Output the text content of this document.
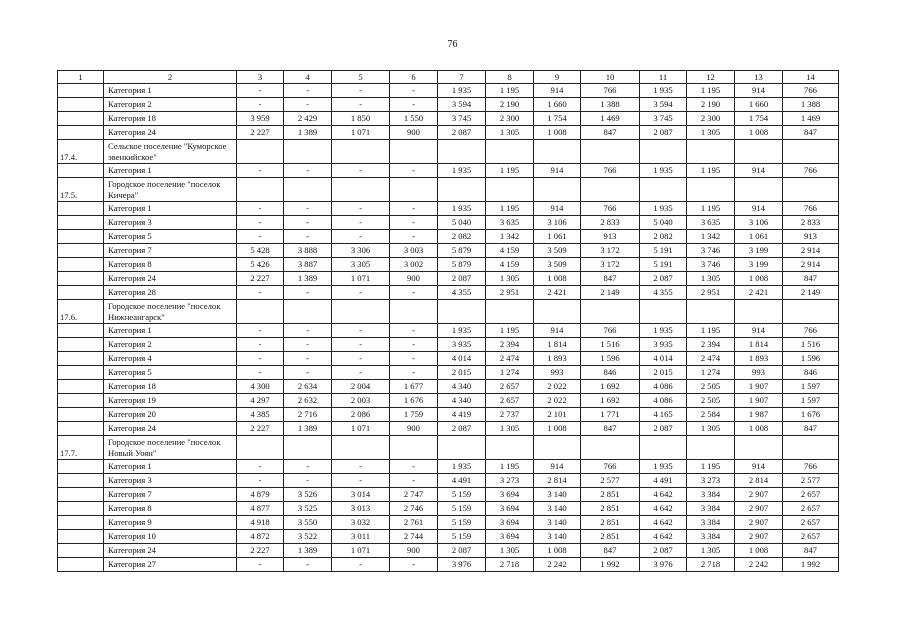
76
1	2	3	4	5	6	7	8	9	10	11	12	13	14
	Категория 1	-	-	-	-	1 935	1 195	914	766	1 935	1 195	914	766
	Категория 2	-	-	-	-	3 594	2 190	1 660	1 388	3 594	2 190	1 660	1 388
	Категория 18	3 959	2 429	1 850	1 550	3 745	2 300	1 754	1 469	3 745	2 300	1 754	1 469
	Категория 24	2 227	1 389	1 071	900	2 087	1 305	1 008	847	2 087	1 305	1 008	847
17.4.	Сельское поселение "Куморское эвенкийское"												
	Категория 1	-	-	-	-	1 935	1 195	914	766	1 935	1 195	914	766
17.5.	Городское поселение "поселок Кичера"												
	Категория 1	-	-	-	-	1 935	1 195	914	766	1 935	1 195	914	766
	Категория 3	-	-	-	-	5 040	3 635	3 106	2 833	5 040	3 635	3 106	2 833
	Категория 5	-	-	-	-	2 082	1 342	1 061	913	2 082	1 342	1 061	913
	Категория 7	5 428	3 888	3 306	3 003	5 879	4 159	3 509	3 172	5 191	3 746	3 199	2 914
	Категория 8	5 426	3 887	3 305	3 002	5 879	4 159	3 509	3 172	5 191	3 746	3 199	2 914
	Категория 24	2 227	1 389	1 071	900	2 087	1 305	1 008	847	2 087	1 305	1 008	847
	Категория 28	-	-	-	-	4 355	2 951	2 421	2 149	4 355	2 951	2 421	2 149
17.6.	Городское поселение "поселок Нижнеангарск"												
	Категория 1	-	-	-	-	1 935	1 195	914	766	1 935	1 195	914	766
	Категория 2	-	-	-	-	3 935	2 394	1 814	1 516	3 935	2 394	1 814	1 516
	Категория 4	-	-	-	-	4 014	2 474	1 893	1 596	4 014	2 474	1 893	1 596
	Категория 5	-	-	-	-	2 015	1 274	993	846	2 015	1 274	993	846
	Категория 18	4 300	2 634	2 004	1 677	4 340	2 657	2 022	1 692	4 086	2 505	1 907	1 597
	Категория 19	4 297	2 632	2 003	1 676	4 340	2 657	2 022	1 692	4 086	2 505	1 907	1 597
	Категория 20	4 385	2 716	2 086	1 759	4 419	2 737	2 101	1 771	4 165	2 584	1 987	1 676
	Категория 24	2 227	1 389	1 071	900	2 087	1 305	1 008	847	2 087	1 305	1 008	847
17.7.	Городское поселение "поселок Новый Уоян"												
	Категория 1	-	-	-	-	1 935	1 195	914	766	1 935	1 195	914	766
	Категория 3	-	-	-	-	4 491	3 273	2 814	2 577	4 491	3 273	2 814	2 577
	Категория 7	4 879	3 526	3 014	2 747	5 159	3 694	3 140	2 851	4 642	3 384	2 907	2 657
	Категория 8	4 877	3 525	3 013	2 746	5 159	3 694	3 140	2 851	4 642	3 384	2 907	2 657
	Категория 9	4 918	3 550	3 032	2 761	5 159	3 694	3 140	2 851	4 642	3 384	2 907	2 657
	Категория 10	4 872	3 522	3 011	2 744	5 159	3 694	3 140	2 851	4 642	3 384	2 907	2 657
	Категория 24	2 227	1 389	1 071	900	2 087	1 305	1 008	847	2 087	1 305	1 008	847
	Категория 27	-	-	-	-	3 976	2 718	2 242	1 992	3 976	2 718	2 242	1 992
